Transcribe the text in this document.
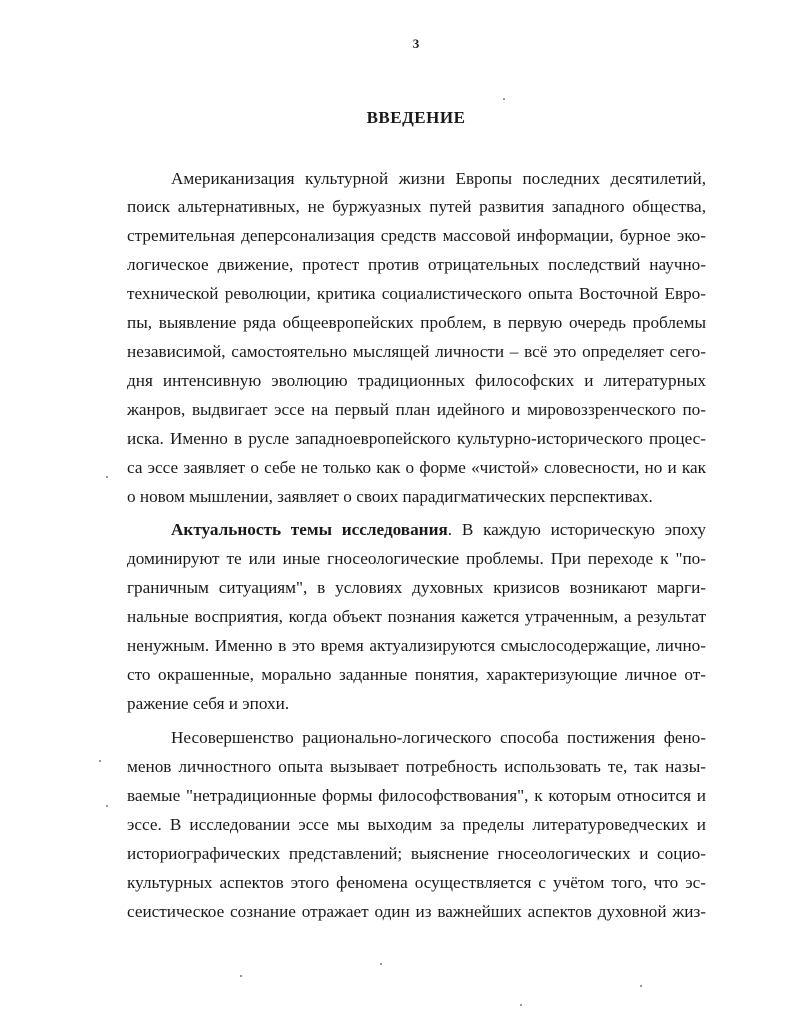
3
ВВЕДЕНИЕ
Американизация культурной жизни Европы последних десятилетий,
поиск альтернативных, не буржуазных путей развития западного общества,
стремительная деперсонализация средств массовой информации, бурное эко-
логическое движение, протест против отрицательных последствий научно-
технической революции, критика социалистического опыта Восточной Евро-
пы, выявление ряда общеевропейских проблем, в первую очередь проблемы
независимой, самостоятельно мыслящей личности – всё это определяет сего-
дня интенсивную эволюцию традиционных философских и литературных
жанров, выдвигает эссе на первый план идейного и мировоззренческого по-
иска. Именно в русле западноевропейского культурно-исторического процес-
са эссе заявляет о себе не только как о форме «чистой» словесности, но и как
о новом мышлении, заявляет о своих парадигматических перспективах.
Актуальность темы исследования. В каждую историческую эпоху
доминируют те или иные гносеологические проблемы. При переходе к "по-
граничным ситуациям", в условиях духовных кризисов возникают марги-
нальные восприятия, когда объект познания кажется утраченным, а результат
ненужным. Именно в это время актуализируются смыслосодержащие, лично-
сто окрашенные, морально заданные понятия, характеризующие личное от-
ражение себя и эпохи.
Несовершенство рационально-логического способа постижения фено-
менов личностного опыта вызывает потребность использовать те, так назы-
ваемые "нетрадиционные формы философствования", к которым относится и
эссе. В исследовании эссе мы выходим за пределы литературоведческих и
историографических представлений; выяснение гносеологических и социо-
культурных аспектов этого феномена осуществляется с учётом того, что эс-
сеистическое сознание отражает один из важнейших аспектов духовной жиз-
